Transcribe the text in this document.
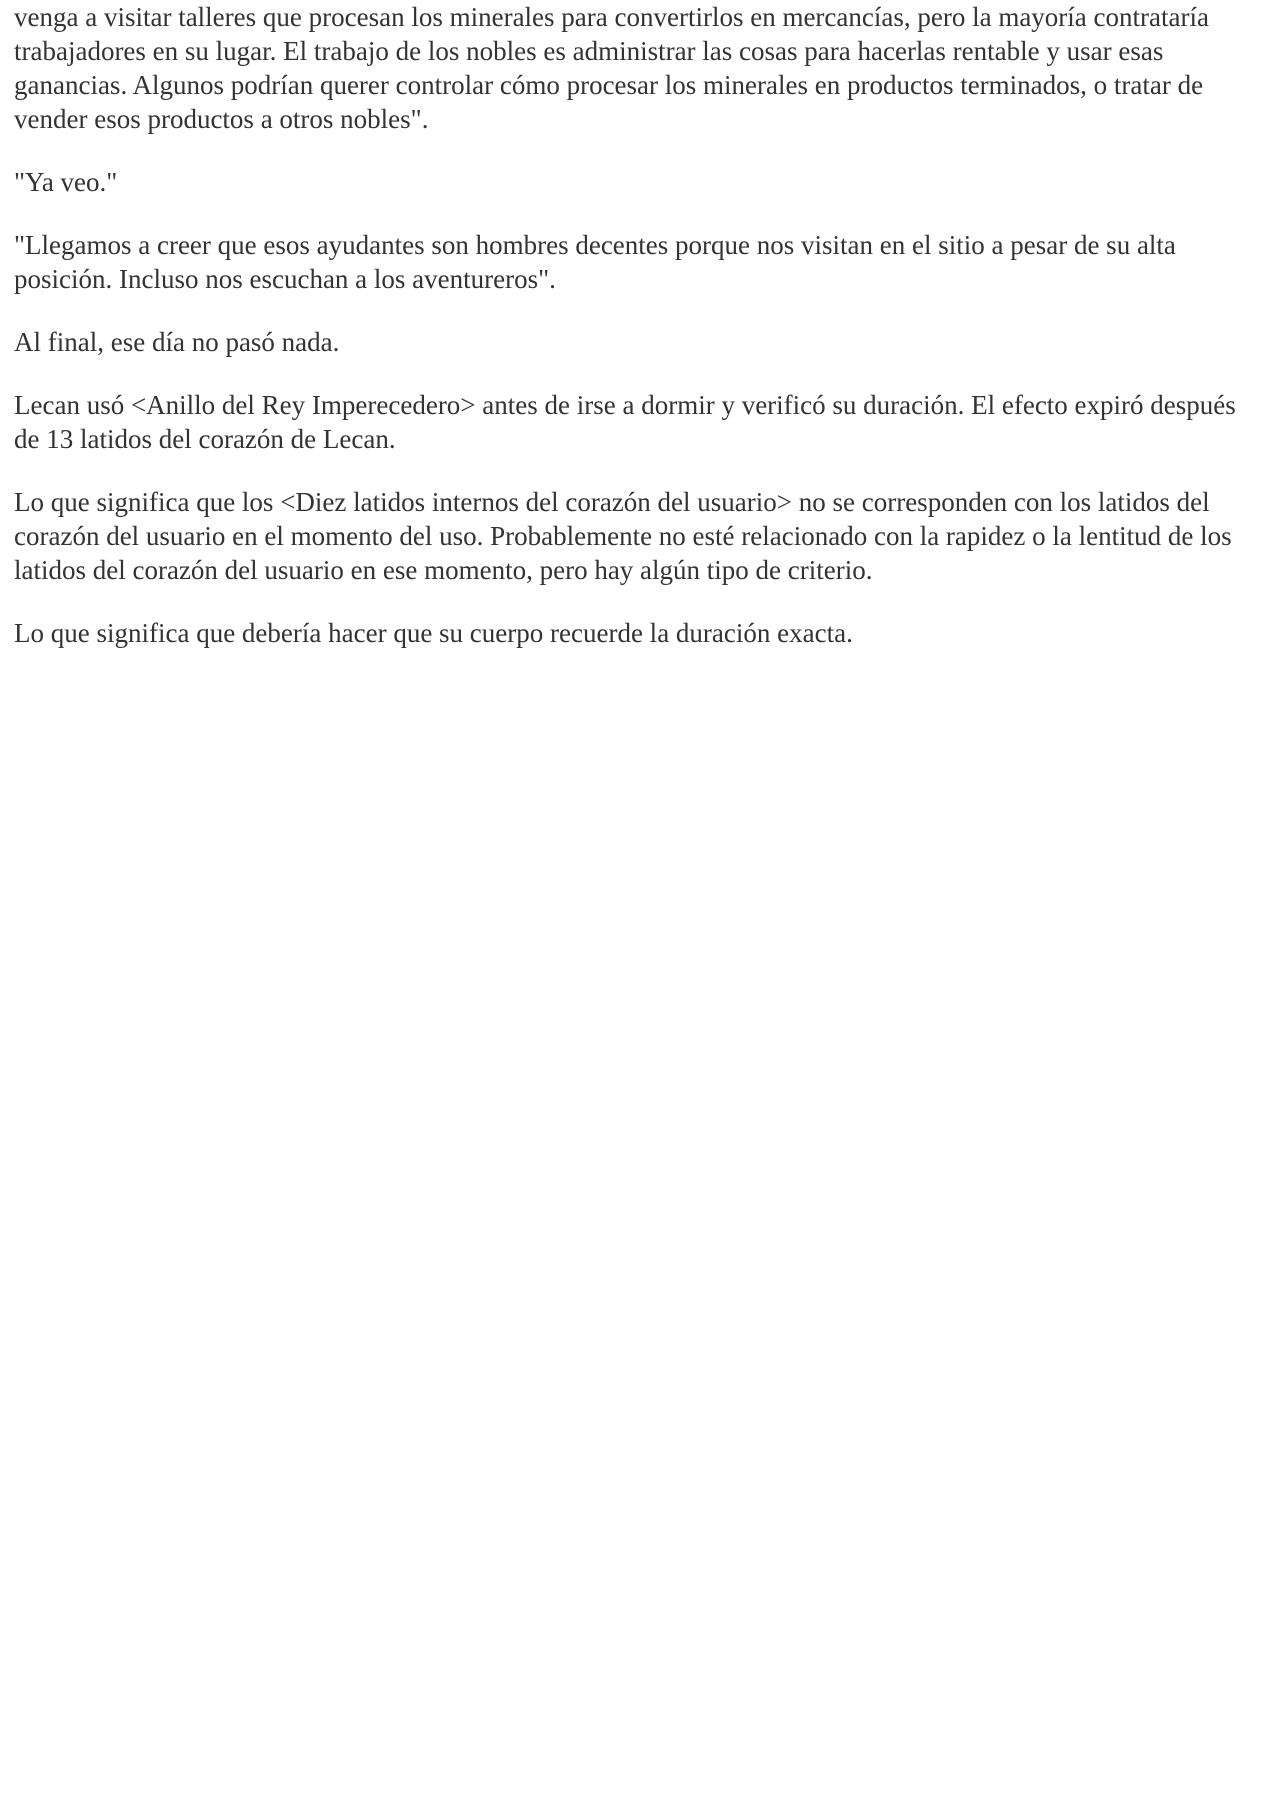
venga a visitar talleres que procesan los minerales para convertirlos en mercancías, pero la mayoría contrataría trabajadores en su lugar. El trabajo de los nobles es administrar las cosas para hacerlas rentable y usar esas ganancias. Algunos podrían querer controlar cómo procesar los minerales en productos terminados, o tratar de vender esos productos a otros nobles".

"Ya veo."

"Llegamos a creer que esos ayudantes son hombres decentes porque nos visitan en el sitio a pesar de su alta posición. Incluso nos escuchan a los aventureros".

Al final, ese día no pasó nada.

Lecan usó <Anillo del Rey Imperecedero> antes de irse a dormir y verificó su duración. El efecto expiró después de 13 latidos del corazón de Lecan.

Lo que significa que los <Diez latidos internos del corazón del usuario> no se corresponden con los latidos del corazón del usuario en el momento del uso. Probablemente no esté relacionado con la rapidez o la lentitud de los latidos del corazón del usuario en ese momento, pero hay algún tipo de criterio.

Lo que significa que debería hacer que su cuerpo recuerde la duración exacta.
